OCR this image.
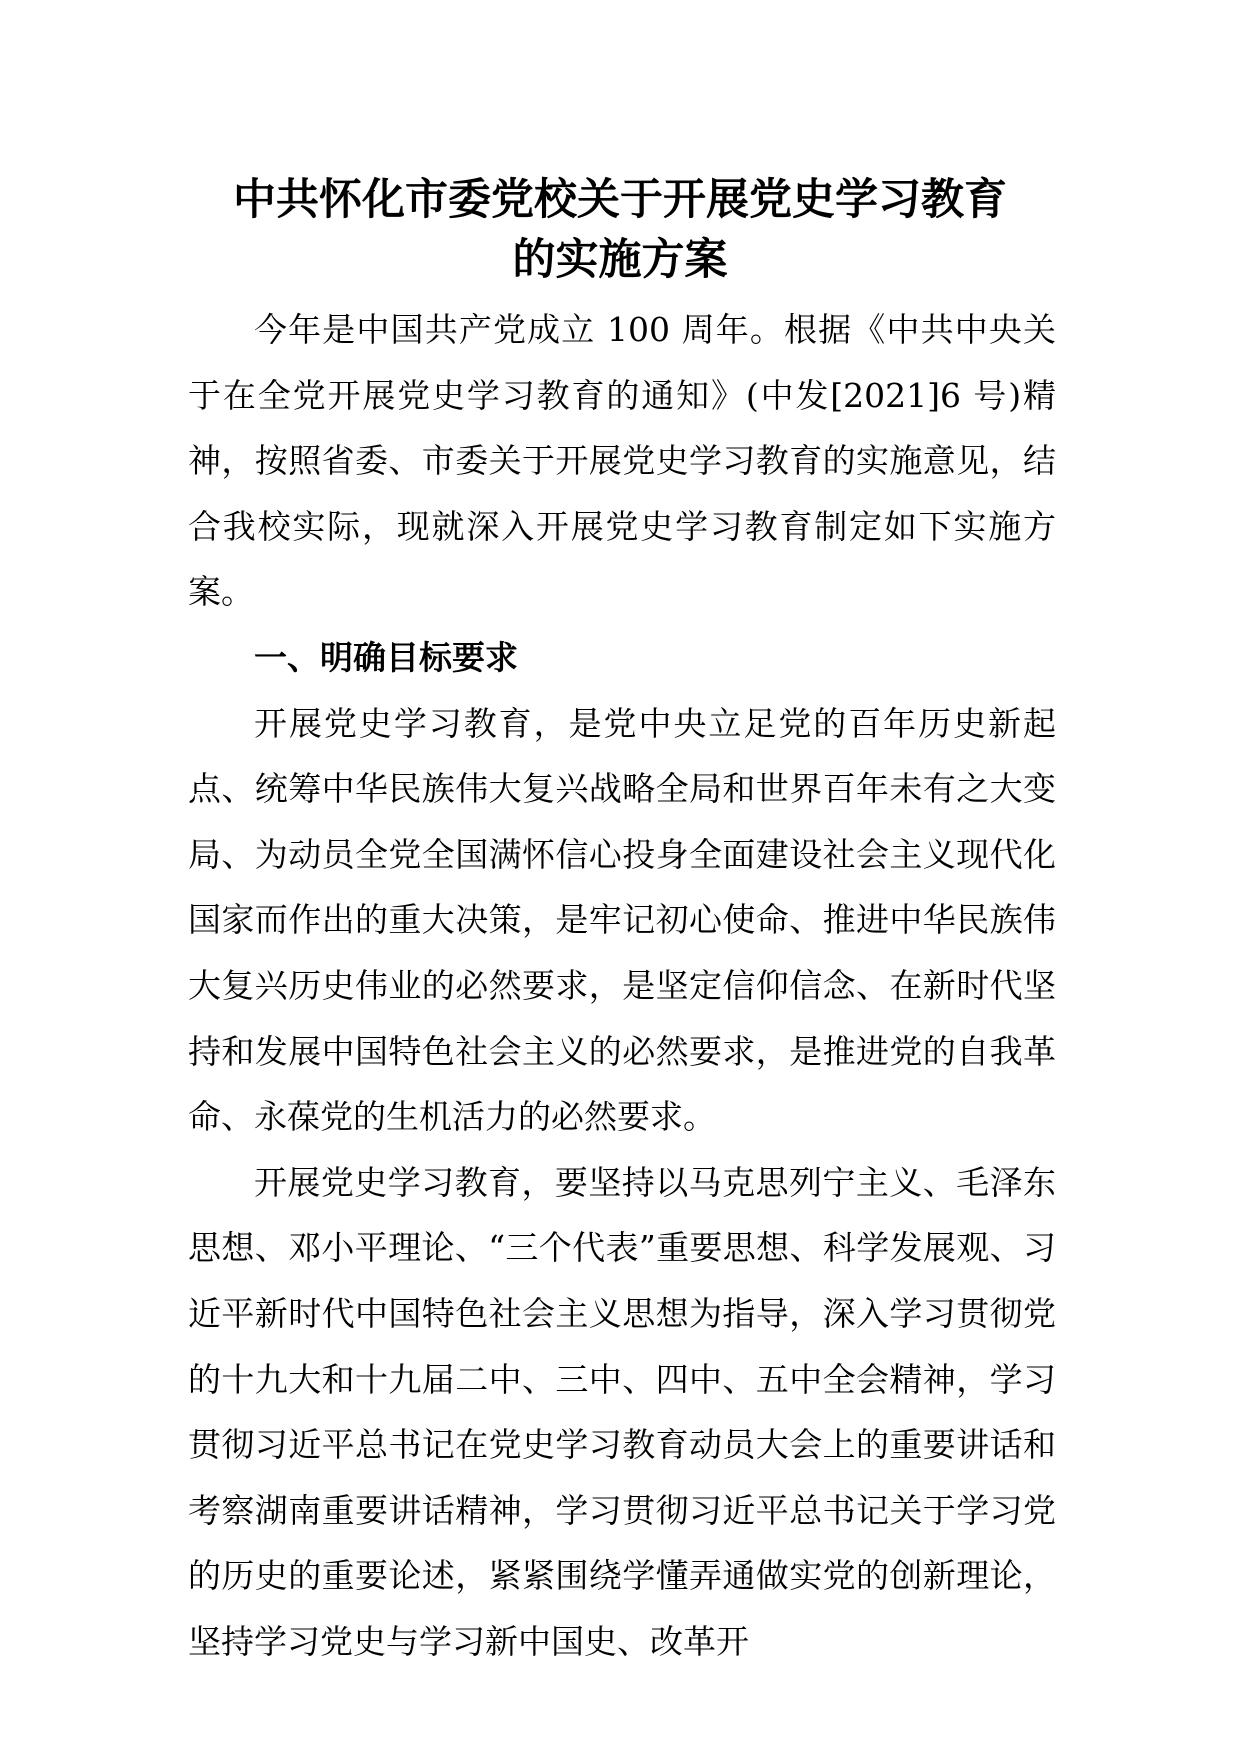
中共怀化市委党校关于开展党史学习教育
的实施方案

今年是中国共产党成立 100 周年。根据《中共中央关于在全党开展党史学习教育的通知》(中发[2021]6 号)精神，按照省委、市委关于开展党史学习教育的实施意见，结合我校实际，现就深入开展党史学习教育制定如下实施方案。

一、明确目标要求

开展党史学习教育，是党中央立足党的百年历史新起点、统筹中华民族伟大复兴战略全局和世界百年未有之大变局、为动员全党全国满怀信心投身全面建设社会主义现代化国家而作出的重大决策，是牢记初心使命、推进中华民族伟大复兴历史伟业的必然要求，是坚定信仰信念、在新时代坚持和发展中国特色社会主义的必然要求，是推进党的自我革命、永葆党的生机活力的必然要求。

开展党史学习教育，要坚持以马克思列宁主义、毛泽东思想、邓小平理论、“三个代表”重要思想、科学发展观、习近平新时代中国特色社会主义思想为指导，深入学习贯彻党的十九大和十九届二中、三中、四中、五中全会精神，学习贯彻习近平总书记在党史学习教育动员大会上的重要讲话和考察湖南重要讲话精神，学习贯彻习近平总书记关于学习党的历史的重要论述，紧紧围绕学懂弄通做实党的创新理论，坚持学习党史与学习新中国史、改革开
